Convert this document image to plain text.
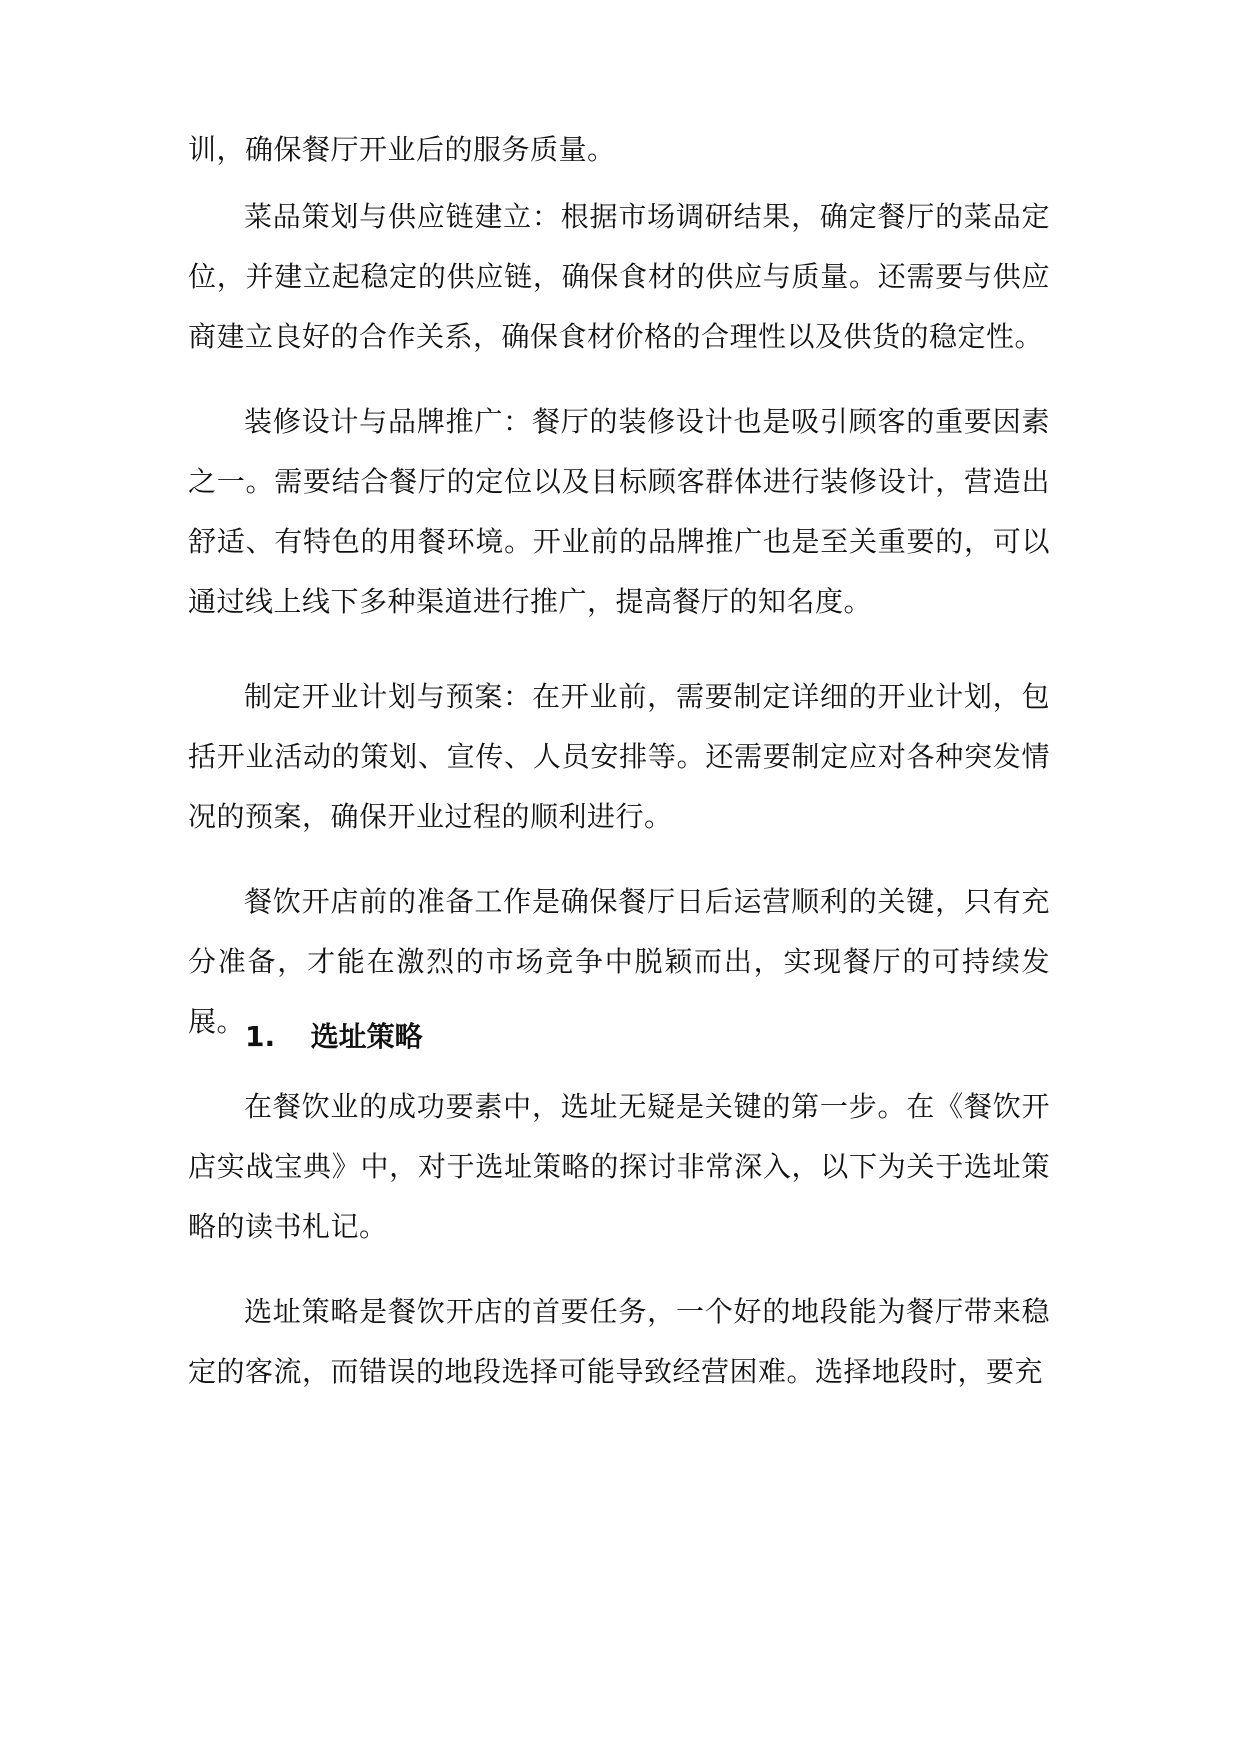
训，确保餐厅开业后的服务质量。

菜品策划与供应链建立：根据市场调研结果，确定餐厅的菜品定位，并建立起稳定的供应链，确保食材的供应与质量。还需要与供应商建立良好的合作关系，确保食材价格的合理性以及供货的稳定性。

装修设计与品牌推广：餐厅的装修设计也是吸引顾客的重要因素之一。需要结合餐厅的定位以及目标顾客群体进行装修设计，营造出舒适、有特色的用餐环境。开业前的品牌推广也是至关重要的，可以通过线上线下多种渠道进行推广，提高餐厅的知名度。

制定开业计划与预案：在开业前，需要制定详细的开业计划，包括开业活动的策划、宣传、人员安排等。还需要制定应对各种突发情况的预案，确保开业过程的顺利进行。

餐饮开店前的准备工作是确保餐厅日后运营顺利的关键，只有充分准备，才能在激烈的市场竞争中脱颖而出，实现餐厅的可持续发展。 1. 选址策略

在餐饮业的成功要素中，选址无疑是关键的第一步。在《餐饮开店实战宝典》中，对于选址策略的探讨非常深入，以下为关于选址策略的读书札记。

选址策略是餐饮开店的首要任务，一个好的地段能为餐厅带来稳定的客流，而错误的地段选择可能导致经营困难。选择地段时，要充
